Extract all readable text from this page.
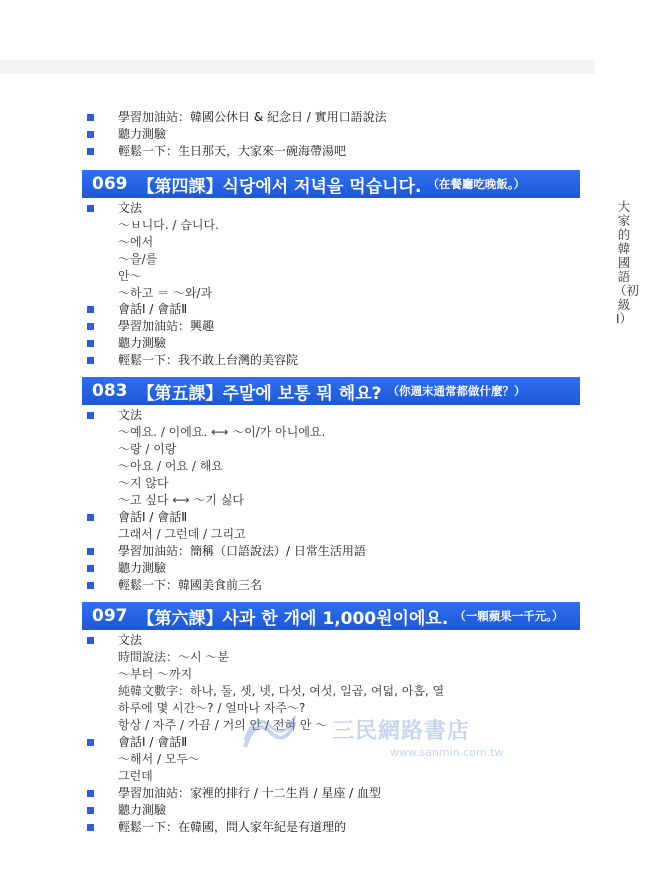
學習加油站：韓國公休日 & 紀念日 / 實用口語說法
聽力測驗
輕鬆一下：生日那天，大家來一碗海帶湯吧
069 【第四課】식당에서 저녁을 먹습니다. （在餐廳吃晚飯。）
文法
～ㅂ니다. / 습니다.
～에서
～을/를
안～
～하고 ＝ ～와/과
會話Ⅰ / 會話Ⅱ
學習加油站：興趣
聽力測驗
輕鬆一下：我不敢上台灣的美容院
083 【第五課】주말에 보통 뭐 해요? （你週末通常都做什麼？）
文法
～예요. / 이에요. ⟷ ～이/가 아니에요.
～랑 / 이랑
～아요 / 어요 / 해요
～지 않다
～고 싶다 ⟷ ～기 싫다
會話Ⅰ / 會話Ⅱ
그래서 / 그런데 / 그리고
學習加油站：簡稱（口語說法）/ 日常生活用語
聽力測驗
輕鬆一下：韓國美食前三名
097 【第六課】사과 한 개에 1,000원이에요. （一顆蘋果一千元。）
文法
時間說法：～시 ～분
～부터 ～까지
純韓文數字：하나, 둘, 셋, 넷, 다섯, 여섯, 일곱, 여덟, 아홉, 열
하루에 몇 시간～? / 얼마나 자주～?
항상 / 자주 / 가끔 / 거의 안 / 전혀 안 ～
會話Ⅰ / 會話Ⅱ
～해서 / 모두～
그런데
學習加油站：家裡的排行 / 十二生肖 / 星座 / 血型
聽力測驗
輕鬆一下：在韓國，問人家年紀是有道理的
大家的韓國語（初級Ⅰ）
三民網路書店
www.sanmin.com.tw
